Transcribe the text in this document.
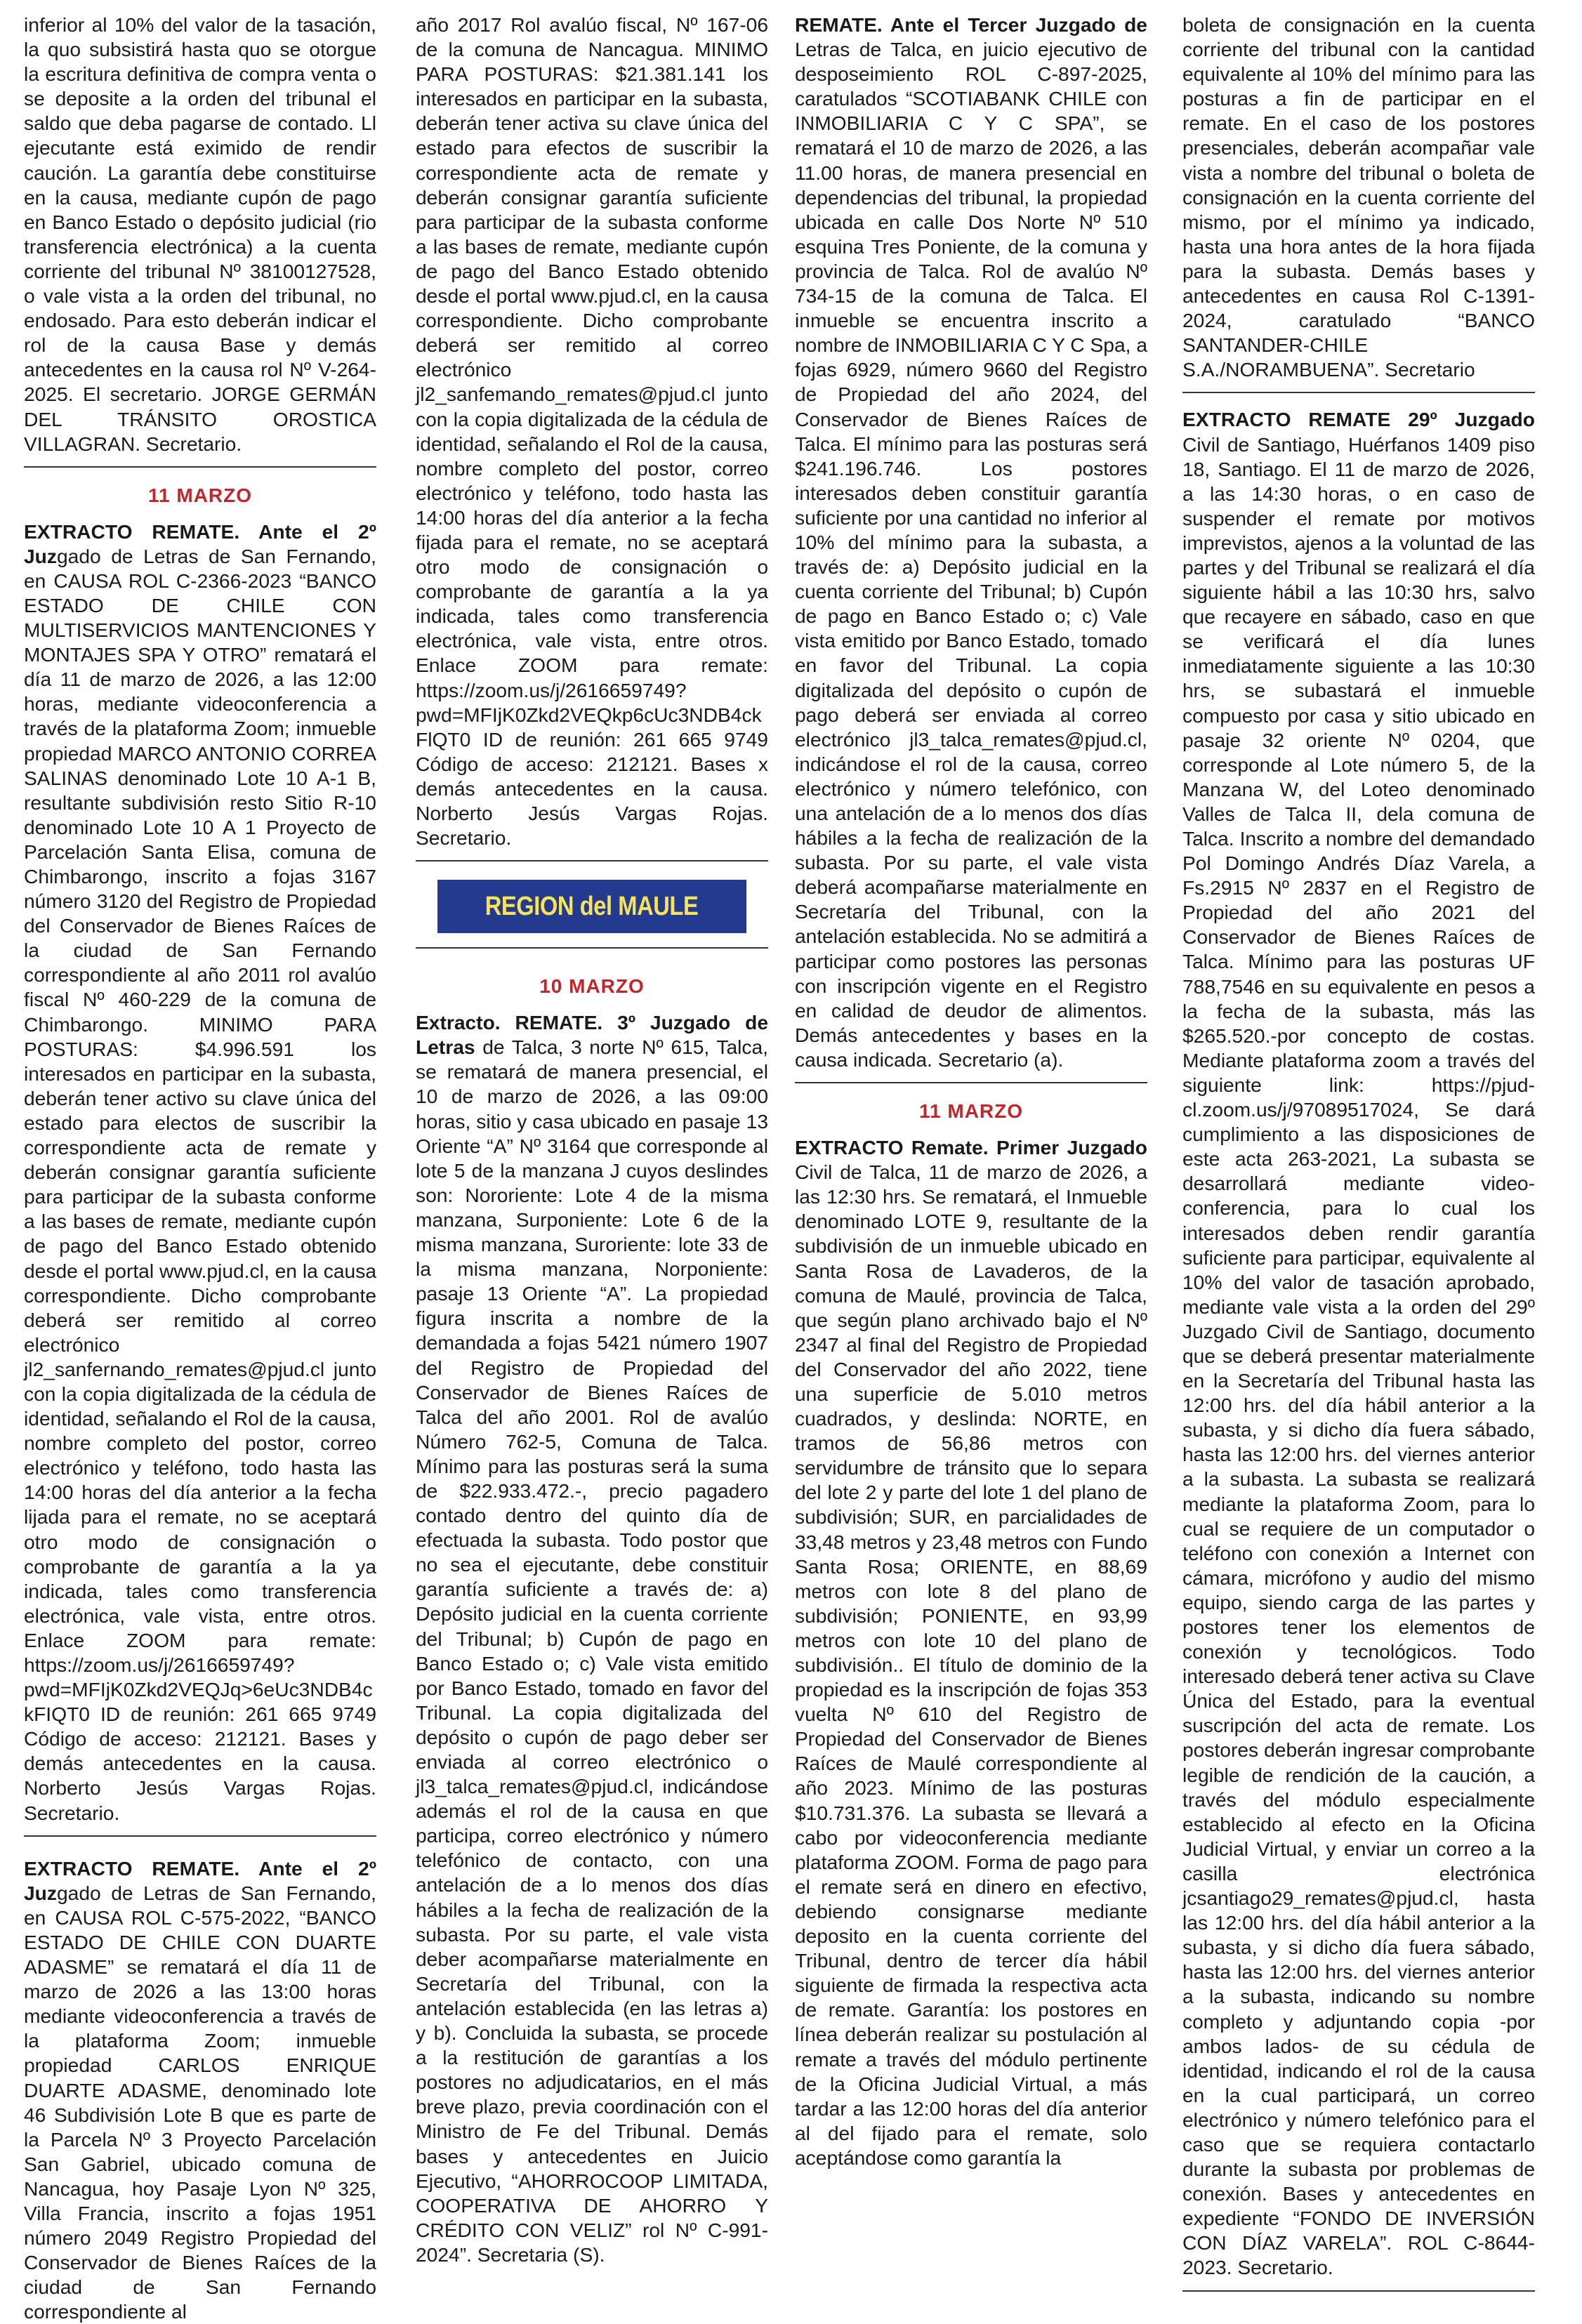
inferior al 10% del valor de la tasación, la quo subsistirá hasta quo se otorgue la escritura definitiva de compra venta o se deposite a la orden del tribunal el saldo que deba pagarse de contado. Ll ejecutante está eximido de rendir caución. La garantía debe constituirse en la causa, mediante cupón de pago en Banco Estado o depósito judicial (rio transferencia electrónica) a la cuenta corriente del tribunal Nº 38100127528, o vale vista a la orden del tribunal, no endosado. Para esto deberán indicar el rol de la causa Base y demás antecedentes en la causa rol Nº V-264-2025. El secretario. JORGE GERMÁN DEL TRÁNSITO OROSTICA VILLAGRAN. Secretario.

11 MARZO

EXTRACTO REMATE. Ante el 2º Juzgado de Letras de San Fernando, en CAUSA ROL C-2366-2023 “BANCO ESTADO DE CHILE CON MULTISERVICIOS MANTENCIONES Y MONTAJES SPA Y OTRO” rematará el día 11 de marzo de 2026, a las 12:00 horas, mediante videoconferencia a través de la plataforma Zoom; inmueble propiedad MARCO ANTONIO CORREA SALINAS denominado Lote 10 A-1 B, resultante subdivisión resto Sitio R-10 denominado Lote 10 A 1 Proyecto de Parcelación Santa Elisa, comuna de Chimbarongo, inscrito a fojas 3167 número 3120 del Registro de Propiedad del Conservador de Bienes Raíces de la ciudad de San Fernando correspondiente al año 2011 rol avalúo fiscal Nº 460-229 de la comuna de Chimbarongo. MINIMO PARA POSTURAS: $4.996.591 los interesados en participar en la subasta, deberán tener activo su clave única del estado para electos de suscribir la correspondiente acta de remate y deberán consignar garantía suficiente para participar de la subasta conforme a las bases de remate, mediante cupón de pago del Banco Estado obtenido desde el portal www.pjud.cl, en la causa correspondiente. Dicho comprobante deberá ser remitido al correo electrónico jl2_sanfernando_remates@pjud.cl junto con la copia digitalizada de la cédula de identidad, señalando el Rol de la causa, nombre completo del postor, correo electrónico y teléfono, todo hasta las 14:00 horas del día anterior a la fecha lijada para el remate, no se aceptará otro modo de consignación o comprobante de garantía a la ya indicada, tales como transferencia electrónica, vale vista, entre otros. Enlace ZOOM para remate: https://zoom.us/j/2616659749?pwd=MFIjK0Zkd2VEQJq>6eUc3NDB4ckFIQT0 ID de reunión: 261 665 9749 Código de acceso: 212121. Bases y demás antecedentes en la causa. Norberto Jesús Vargas Rojas. Secretario.

EXTRACTO REMATE. Ante el 2º Juzgado de Letras de San Fernando, en CAUSA ROL C-575-2022, “BANCO ESTADO DE CHILE CON DUARTE ADASME” se rematará el día 11 de marzo de 2026 a las 13:00 horas mediante videoconferencia a través de la plataforma Zoom; inmueble propiedad CARLOS ENRIQUE DUARTE ADASME, denominado lote 46 Subdivisión Lote B que es parte de la Parcela Nº 3 Proyecto Parcelación San Gabriel, ubicado comuna de Nancagua, hoy Pasaje Lyon Nº 325, Villa Francia, inscrito a fojas 1951 número 2049 Registro Propiedad del Conservador de Bienes Raíces de la ciudad de San Fernando correspondiente al

año 2017 Rol avalúo fiscal, Nº 167-06 de la comuna de Nancagua. MINIMO PARA POSTURAS: $21.381.141 los interesados en participar en la subasta, deberán tener activa su clave única del estado para efectos de suscribir la correspondiente acta de remate y deberán consignar garantía suficiente para participar de la subasta conforme a las bases de remate, mediante cupón de pago del Banco Estado obtenido desde el portal www.pjud.cl, en la causa correspondiente. Dicho comprobante deberá ser remitido al correo electrónico jl2_sanfemando_remates@pjud.cl junto con la copia digitalizada de la cédula de identidad, señalando el Rol de la causa, nombre completo del postor, correo electrónico y teléfono, todo hasta las 14:00 horas del día anterior a la fecha fijada para el remate, no se aceptará otro modo de consignación o comprobante de garantía a la ya indicada, tales como transferencia electrónica, vale vista, entre otros. Enlace ZOOM para remate: https://zoom.us/j/2616659749?pwd=MFIjK0Zkd2VEQkp6cUc3NDB4ckFlQT0 ID de reunión: 261 665 9749 Código de acceso: 212121. Bases x demás antecedentes en la causa. Norberto Jesús Vargas Rojas. Secretario.

REGION del MAULE
10 MARZO

Extracto. REMATE. 3º Juzgado de Letras de Talca, 3 norte Nº 615, Talca, se rematará de manera presencial, el 10 de marzo de 2026, a las 09:00 horas, sitio y casa ubicado en pasaje 13 Oriente “A” Nº 3164 que corresponde al lote 5 de la manzana J cuyos deslindes son: Nororiente: Lote 4 de la misma manzana, Surponiente: Lote 6 de la misma manzana, Suroriente: lote 33 de la misma manzana, Norponiente: pasaje 13 Oriente “A”. La propiedad figura inscrita a nombre de la demandada a fojas 5421 número 1907 del Registro de Propiedad del Conservador de Bienes Raíces de Talca del año 2001. Rol de avalúo Número 762-5, Comuna de Talca. Mínimo para las posturas será la suma de $22.933.472.-, precio pagadero contado dentro del quinto día de efectuada la subasta. Todo postor que no sea el ejecutante, debe constituir garantía suficiente a través de: a) Depósito judicial en la cuenta corriente del Tribunal; b) Cupón de pago en Banco Estado o; c) Vale vista emitido por Banco Estado, tomado en favor del Tribunal. La copia digitalizada del depósito o cupón de pago deber ser enviada al correo electrónico o jl3_talca_remates@pjud.cl, indicándose además el rol de la causa en que participa, correo electrónico y número telefónico de contacto, con una antelación de a lo menos dos días hábiles a la fecha de realización de la subasta. Por su parte, el vale vista deber acompañarse materialmente en Secretaría del Tribunal, con la antelación establecida (en las letras a) y b). Concluida la subasta, se procede a la restitución de garantías a los postores no adjudicatarios, en el más breve plazo, previa coordinación con el Ministro de Fe del Tribunal. Demás bases y antecedentes en Juicio Ejecutivo, “AHORROCOOP LIMITADA, COOPERATIVA DE AHORRO Y CRÉDITO CON VELIZ” rol Nº C-991-2024”. Secretaria (S).

REMATE. Ante el Tercer Juzgado de Letras de Talca, en juicio ejecutivo de desposeimiento ROL C-897-2025, caratulados “SCOTIABANK CHILE con INMOBILIARIA C Y C SPA”, se rematará el 10 de marzo de 2026, a las 11.00 horas, de manera presencial en dependencias del tribunal, la propiedad ubicada en calle Dos Norte Nº 510 esquina Tres Poniente, de la comuna y provincia de Talca. Rol de avalúo Nº 734-15 de la comuna de Talca. El inmueble se encuentra inscrito a nombre de INMOBILIARIA C Y C Spa, a fojas 6929, número 9660 del Registro de Propiedad del año 2024, del Conservador de Bienes Raíces de Talca. El mínimo para las posturas será $241.196.746. Los postores interesados deben constituir garantía suficiente por una cantidad no inferior al 10% del mínimo para la subasta, a través de: a) Depósito judicial en la cuenta corriente del Tribunal; b) Cupón de pago en Banco Estado o; c) Vale vista emitido por Banco Estado, tomado en favor del Tribunal. La copia digitalizada del depósito o cupón de pago deberá ser enviada al correo electrónico jl3_talca_remates@pjud.cl, indicándose el rol de la causa, correo electrónico y número telefónico, con una antelación de a lo menos dos días hábiles a la fecha de realización de la subasta. Por su parte, el vale vista deberá acompañarse materialmente en Secretaría del Tribunal, con la antelación establecida. No se admitirá a participar como postores las personas con inscripción vigente en el Registro en calidad de deudor de alimentos. Demás antecedentes y bases en la causa indicada. Secretario (a).

11 MARZO

EXTRACTO Remate. Primer Juzgado Civil de Talca, 11 de marzo de 2026, a las 12:30 hrs. Se rematará, el Inmueble denominado LOTE 9, resultante de la subdivisión de un inmueble ubicado en Santa Rosa de Lavaderos, de la comuna de Maulé, provincia de Talca, que según plano archivado bajo el Nº 2347 al final del Registro de Propiedad del Conservador del año 2022, tiene una superficie de 5.010 metros cuadrados, y deslinda: NORTE, en tramos de 56,86 metros con servidumbre de tránsito que lo separa del lote 2 y parte del lote 1 del plano de subdivisión; SUR, en parcialidades de 33,48 metros y 23,48 metros con Fundo Santa Rosa; ORIENTE, en 88,69 metros con lote 8 del plano de subdivisión; PONIENTE, en 93,99 metros con lote 10 del plano de subdivisión.. El título de dominio de la propiedad es la inscripción de fojas 353 vuelta Nº 610 del Registro de Propiedad del Conservador de Bienes Raíces de Maulé correspondiente al año 2023. Mínimo de las posturas $10.731.376. La subasta se llevará a cabo por videoconferencia mediante plataforma ZOOM. Forma de pago para el remate será en dinero en efectivo, debiendo consignarse mediante deposito en la cuenta corriente del Tribunal, dentro de tercer día hábil siguiente de firmada la respectiva acta de remate. Garantía: los postores en línea deberán realizar su postulación al remate a través del módulo pertinente de la Oficina Judicial Virtual, a más tardar a las 12:00 horas del día anterior al del fijado para el remate, solo aceptándose como garantía la

boleta de consignación en la cuenta corriente del tribunal con la cantidad equivalente al 10% del mínimo para las posturas a fin de participar en el remate. En el caso de los postores presenciales, deberán acompañar vale vista a nombre del tribunal o boleta de consignación en la cuenta corriente del mismo, por el mínimo ya indicado, hasta una hora antes de la hora fijada para la subasta. Demás bases y antecedentes en causa Rol C-1391-2024, caratulado “BANCO SANTANDER-CHILE S.A./NORAMBUENA”. Secretario

EXTRACTO REMATE 29º Juzgado Civil de Santiago, Huérfanos 1409 piso 18, Santiago. El 11 de marzo de 2026, a las 14:30 horas, o en caso de suspender el remate por motivos imprevistos, ajenos a la voluntad de las partes y del Tribunal se realizará el día siguiente hábil a las 10:30 hrs, salvo que recayere en sábado, caso en que se verificará el día lunes inmediatamente siguiente a las 10:30 hrs, se subastará el inmueble compuesto por casa y sitio ubicado en pasaje 32 oriente Nº 0204, que corresponde al Lote número 5, de la Manzana W, del Loteo denominado Valles de Talca II, dela comuna de Talca. Inscrito a nombre del demandado Pol Domingo Andrés Díaz Varela, a Fs.2915 Nº 2837 en el Registro de Propiedad del año 2021 del Conservador de Bienes Raíces de Talca. Mínimo para las posturas UF 788,7546 en su equivalente en pesos a la fecha de la subasta, más las $265.520.-por concepto de costas. Mediante plataforma zoom a través del siguiente link: https://pjud-cl.zoom.us/j/97089517024, Se dará cumplimiento a las disposiciones de este acta 263-2021, La subasta se desarrollará mediante video-conferencia, para lo cual los interesados deben rendir garantía suficiente para participar, equivalente al 10% del valor de tasación aprobado, mediante vale vista a la orden del 29º Juzgado Civil de Santiago, documento que se deberá presentar materialmente en la Secretaría del Tribunal hasta las 12:00 hrs. del día hábil anterior a la subasta, y si dicho día fuera sábado, hasta las 12:00 hrs. del viernes anterior a la subasta. La subasta se realizará mediante la plataforma Zoom, para lo cual se requiere de un computador o teléfono con conexión a Internet con cámara, micrófono y audio del mismo equipo, siendo carga de las partes y postores tener los elementos de conexión y tecnológicos. Todo interesado deberá tener activa su Clave Única del Estado, para la eventual suscripción del acta de remate. Los postores deberán ingresar comprobante legible de rendición de la caución, a través del módulo especialmente establecido al efecto en la Oficina Judicial Virtual, y enviar un correo a la casilla electrónica jcsantiago29_remates@pjud.cl, hasta las 12:00 hrs. del día hábil anterior a la subasta, y si dicho día fuera sábado, hasta las 12:00 hrs. del viernes anterior a la subasta, indicando su nombre completo y adjuntando copia -por ambos lados- de su cédula de identidad, indicando el rol de la causa en la cual participará, un correo electrónico y número telefónico para el caso que se requiera contactarlo durante la subasta por problemas de conexión. Bases y antecedentes en expediente “FONDO DE INVERSIÓN CON DÍAZ VARELA”. ROL C-8644-2023. Secretario.
